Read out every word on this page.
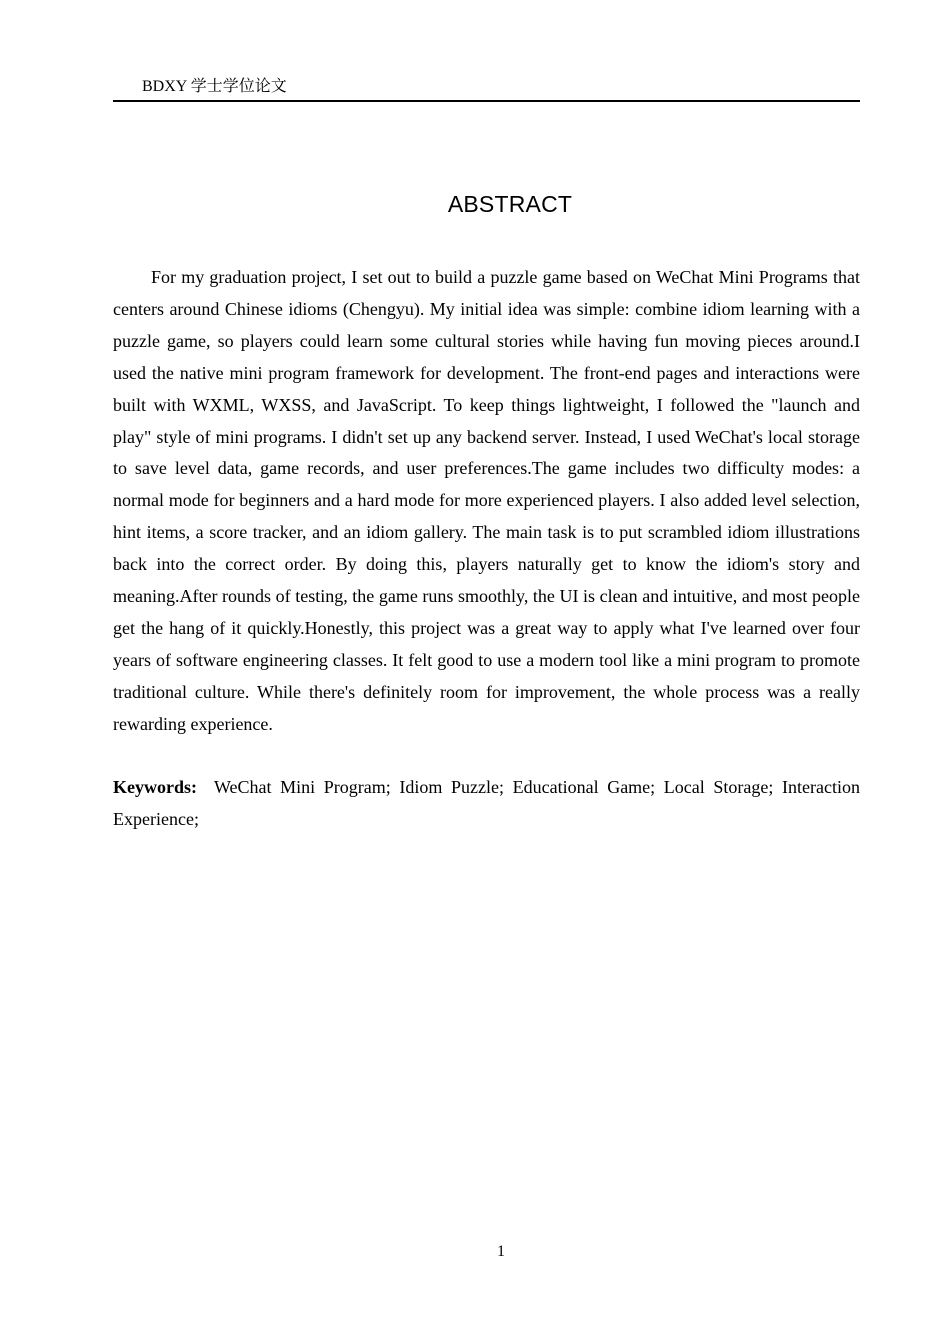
BDXY 学士学位论文
ABSTRACT

For my graduation project, I set out to build a puzzle game based on WeChat Mini Programs that centers around Chinese idioms (Chengyu). My initial idea was simple: combine idiom learning with a puzzle game, so players could learn some cultural stories while having fun moving pieces around.I used the native mini program framework for development. The front-end pages and interactions were built with WXML, WXSS, and JavaScript. To keep things lightweight, I followed the "launch and play" style of mini programs. I didn't set up any backend server. Instead, I used WeChat's local storage to save level data, game records, and user preferences.The game includes two difficulty modes: a normal mode for beginners and a hard mode for more experienced players. I also added level selection, hint items, a score tracker, and an idiom gallery. The main task is to put scrambled idiom illustrations back into the correct order. By doing this, players naturally get to know the idiom's story and meaning.After rounds of testing, the game runs smoothly, the UI is clean and intuitive, and most people get the hang of it quickly.Honestly, this project was a great way to apply what I've learned over four years of software engineering classes. It felt good to use a modern tool like a mini program to promote traditional culture. While there's definitely room for improvement, the whole process was a really rewarding experience.

Keywords: WeChat Mini Program; Idiom Puzzle; Educational Game; Local Storage; Interaction Experience;

1
